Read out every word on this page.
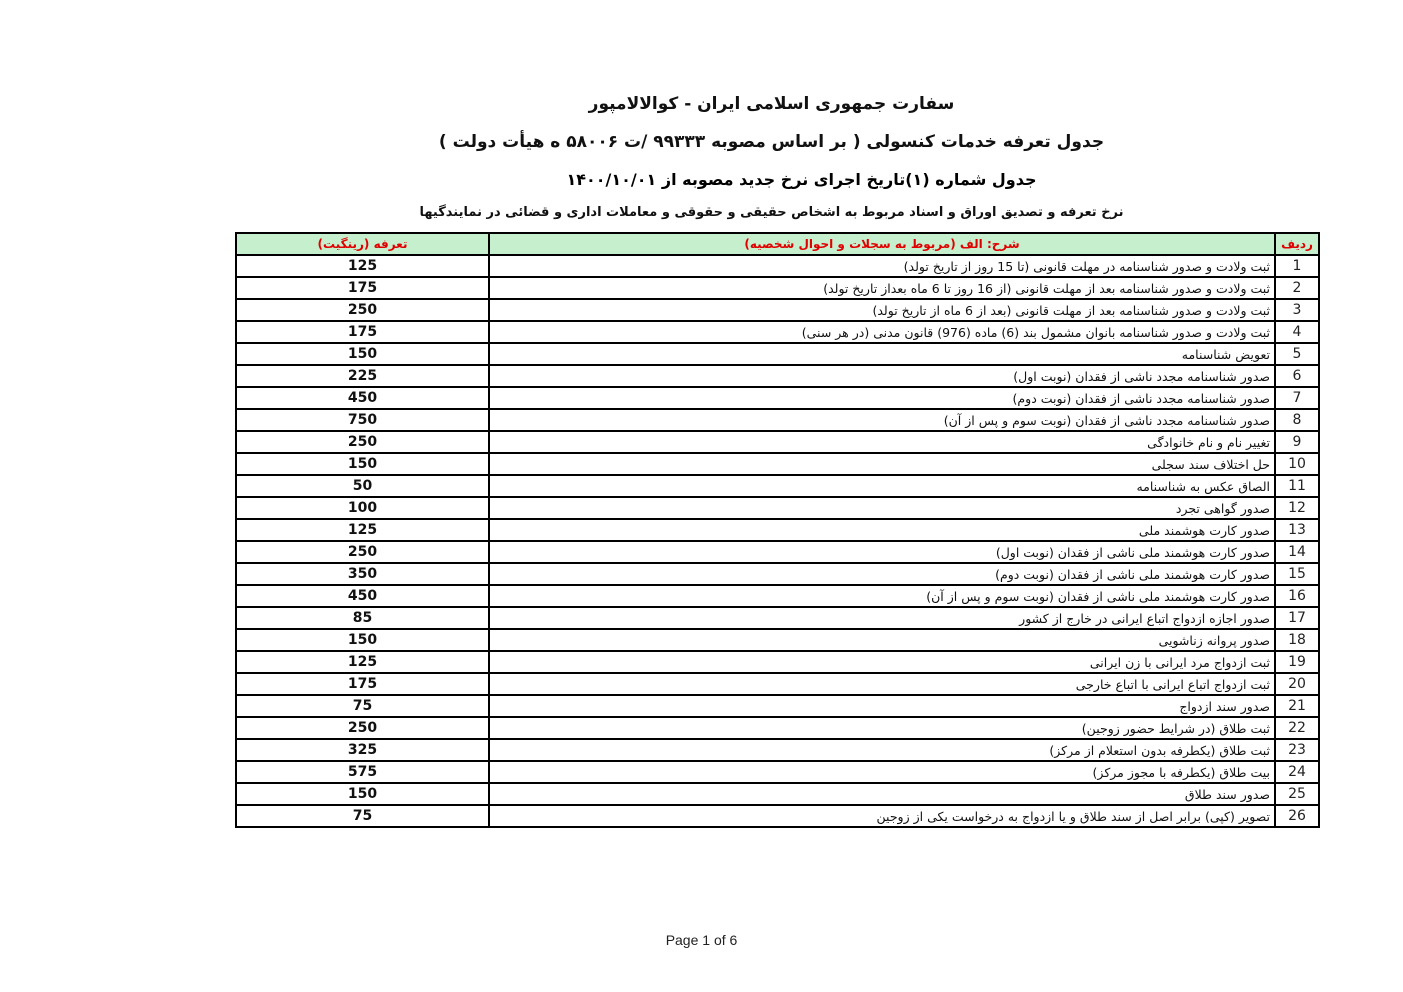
سفارت جمهوری اسلامی ایران - کوالالامپور
جدول تعرفه خدمات کنسولی ( بر اساس مصوبه ۹۹۳۳۳ /ت ۵۸۰۰۶ ه هیأت دولت )
جدول شماره (۱)تاریخ اجرای نرخ جدید مصوبه از ۱۴۰۰/۱۰/۰۱
نرخ تعرفه و تصدیق اوراق و اسناد مربوط به اشخاص حقیقی و حقوقی و معاملات اداری و قضائی در نمایندگیها
ردیف	شرح: الف (مربوط به سجلات و احوال شخصیه)	تعرفه (رینگیت)
1	ثبت ولادت و صدور شناسنامه در مهلت قانونی (تا 15 روز از تاریخ تولد)	125
2	ثبت ولادت و صدور شناسنامه بعد از مهلت قانونی (از 16 روز تا 6 ماه بعداز تاریخ تولد)	175
3	ثبت ولادت و صدور شناسنامه بعد از مهلت قانونی (بعد از 6 ماه از تاریخ تولد)	250
4	ثبت ولادت و صدور شناسنامه بانوان مشمول بند (6) ماده (976) قانون مدنی (در هر سنی)	175
5	تعویض شناسنامه	150
6	صدور شناسنامه مجدد ناشی از فقدان (نوبت اول)	225
7	صدور شناسنامه مجدد ناشی از فقدان (نوبت دوم)	450
8	صدور شناسنامه مجدد ناشی از فقدان (نوبت سوم و پس از آن)	750
9	تغییر نام و نام خانوادگی	250
10	حل اختلاف سند سجلی	150
11	الصاق عکس به شناسنامه	50
12	صدور گواهی تجرد	100
13	صدور کارت هوشمند ملی	125
14	صدور کارت هوشمند ملی ناشی از فقدان (نوبت اول)	250
15	صدور کارت هوشمند ملی ناشی از فقدان (نوبت دوم)	350
16	صدور کارت هوشمند ملی ناشی از فقدان (نوبت سوم و پس از آن)	450
17	صدور اجازه ازدواج اتباع ایرانی در خارج از کشور	85
18	صدور پروانه زناشویی	150
19	ثبت ازدواج مرد ایرانی با زن ایرانی	125
20	ثبت ازدواج اتباع ایرانی با اتباع خارجی	175
21	صدور سند ازدواج	75
22	ثبت طلاق (در شرایط حضور زوجین)	250
23	ثبت طلاق (یکطرفه بدون استعلام از مرکز)	325
24	بیت طلاق (یکطرفه با مجوز مرکز)	575
25	صدور سند طلاق	150
26	تصویر (کپی) برابر اصل از سند طلاق و یا ازدواج به درخواست یکی از زوجین	75
Page 1 of 6
